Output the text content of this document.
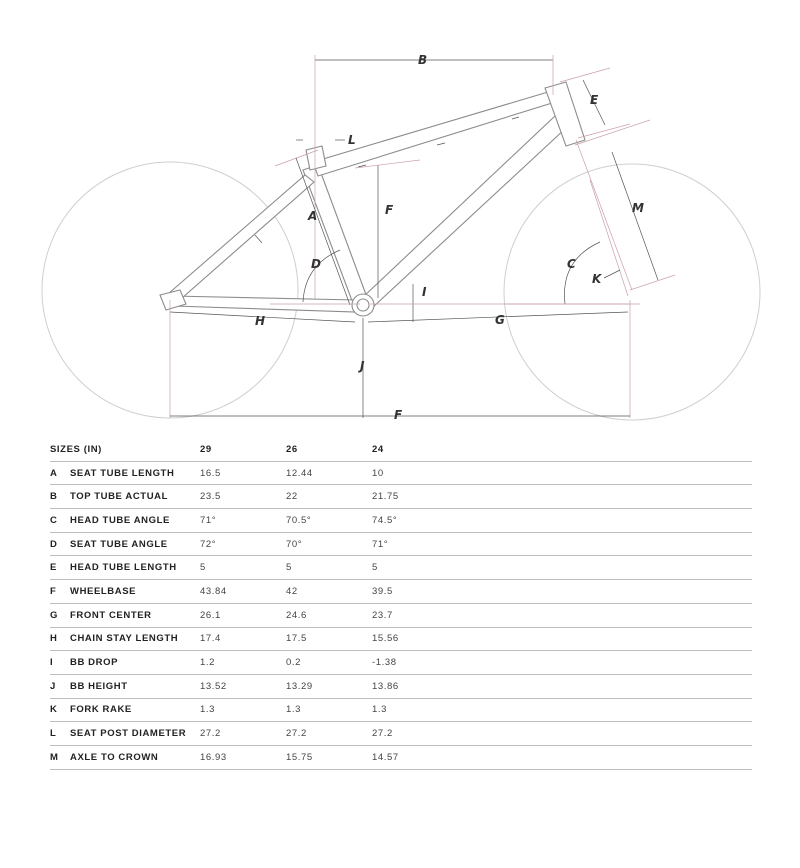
B
E
L
M
A	F
D	C
K
I
H	G
J
F
SIZES (IN)		29	26	24	
A	SEAT TUBE LENGTH	16.5	12.44	10	
B	TOP TUBE ACTUAL	23.5	22	21.75	
C	HEAD TUBE ANGLE	71°	70.5°	74.5°	
D	SEAT TUBE ANGLE	72°	70°	71°	
E	HEAD TUBE LENGTH	5	5	5	
F	WHEELBASE	43.84	42	39.5	
G	FRONT CENTER	26.1	24.6	23.7	
H	CHAIN STAY LENGTH	17.4	17.5	15.56	
I	BB DROP	1.2	0.2	-1.38	
J	BB HEIGHT	13.52	13.29	13.86	
K	FORK RAKE	1.3	1.3	1.3	
L	SEAT POST DIAMETER	27.2	27.2	27.2	
M	AXLE TO CROWN	16.93	15.75	14.57	
